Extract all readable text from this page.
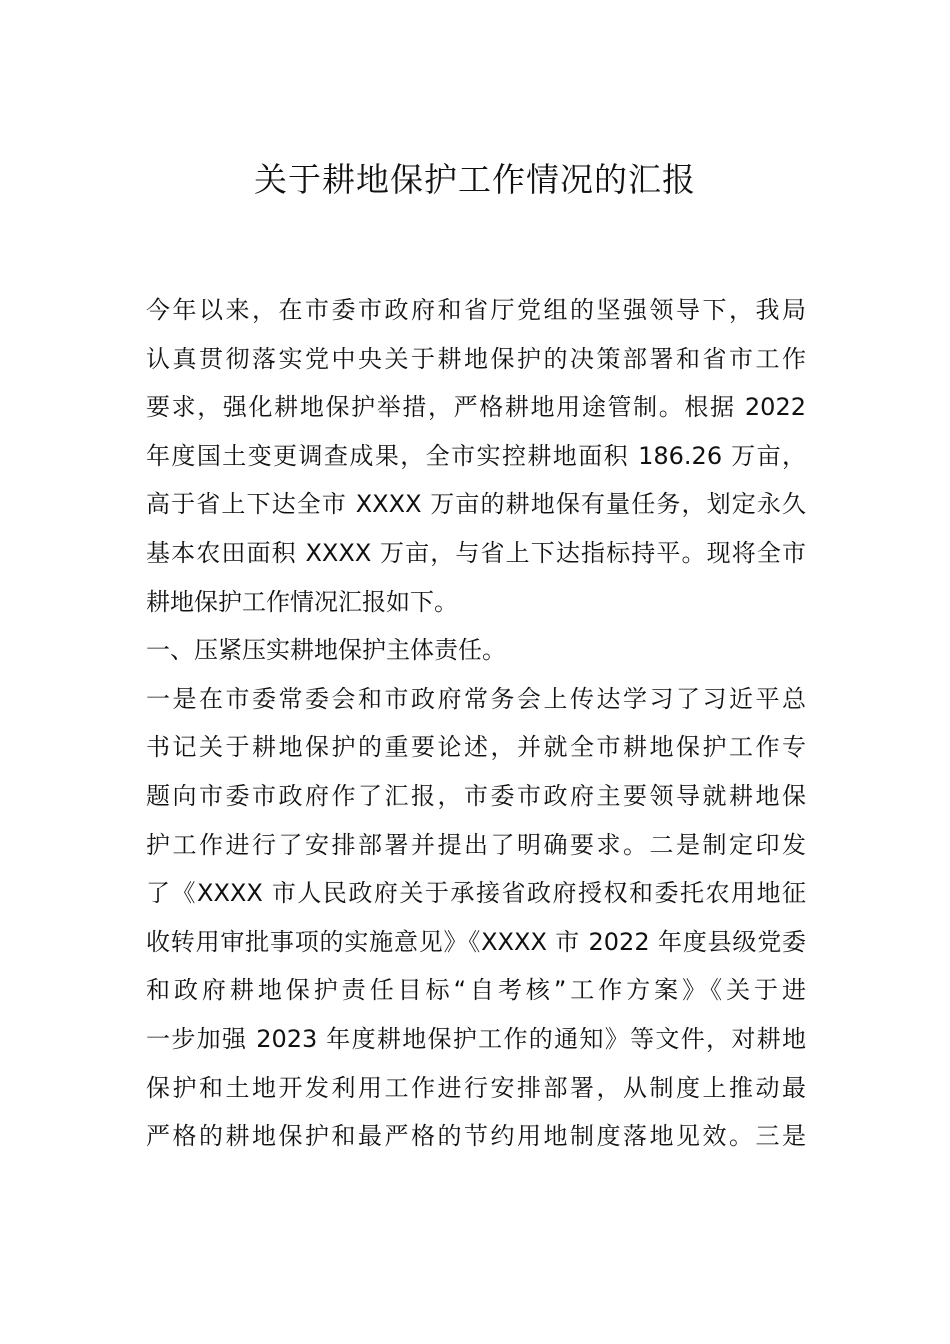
关于耕地保护工作情况的汇报
今年以来，在市委市政府和省厅党组的坚强领导下，我局
认真贯彻落实党中央关于耕地保护的决策部署和省市工作
要求，强化耕地保护举措，严格耕地用途管制。根据 2022
年度国土变更调查成果，全市实控耕地面积 186.26 万亩，
高于省上下达全市 XXXX 万亩的耕地保有量任务，划定永久
基本农田面积 XXXX 万亩，与省上下达指标持平。现将全市
耕地保护工作情况汇报如下。
一、压紧压实耕地保护主体责任。
一是在市委常委会和市政府常务会上传达学习了习近平总
书记关于耕地保护的重要论述，并就全市耕地保护工作专
题向市委市政府作了汇报，市委市政府主要领导就耕地保
护工作进行了安排部署并提出了明确要求。二是制定印发
了《XXXX 市人民政府关于承接省政府授权和委托农用地征
收转用审批事项的实施意见》《XXXX 市 2022 年度县级党委
和政府耕地保护责任目标“自考核”工作方案》《关于进
一步加强 2023 年度耕地保护工作的通知》等文件，对耕地
保护和土地开发利用工作进行安排部署，从制度上推动最
严格的耕地保护和最严格的节约用地制度落地见效。三是
